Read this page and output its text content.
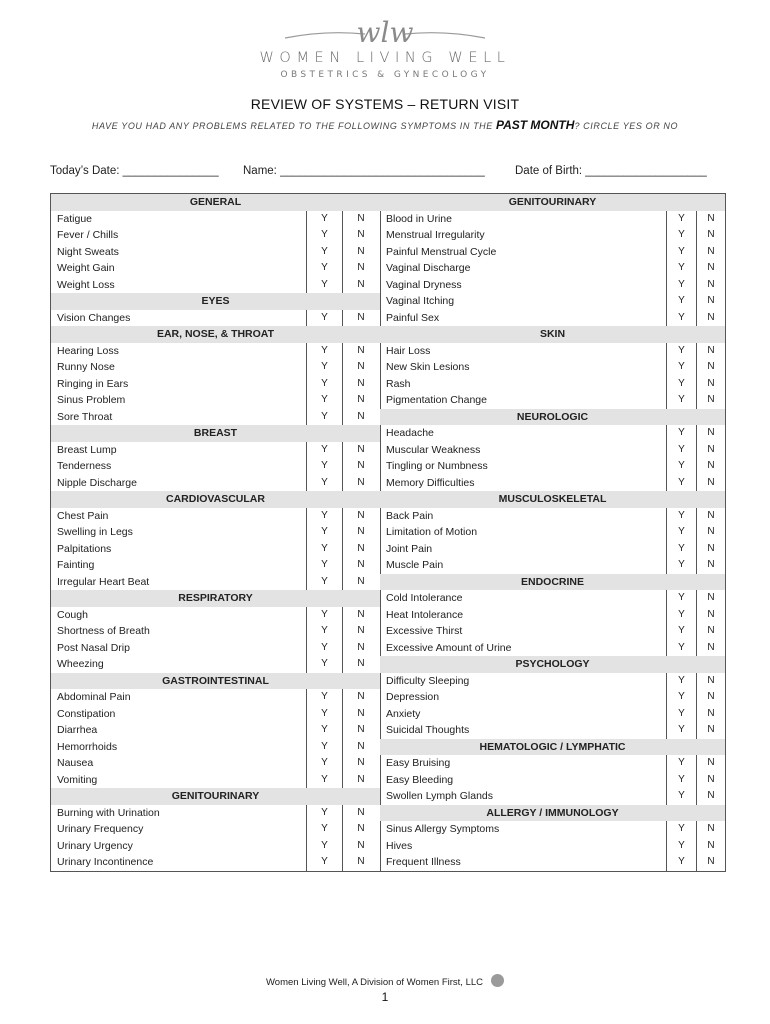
wlw
WOMEN LIVING WELL
OBSTETRICS & GYNECOLOGY
REVIEW OF SYSTEMS – RETURN VISIT
HAVE YOU HAD ANY PROBLEMS RELATED TO THE FOLLOWING SYMPTOMS IN THE PAST MONTH? CIRCLE YES OR NO
Today’s Date: _______________ Name: ________________________________	Date of Birth: ___________________
GENERAL
Fatigue	Y	N
Fever / Chills	Y	N
Night Sweats	Y	N
Weight Gain	Y	N
Weight Loss	Y	N
EYES
Vision Changes	Y	N
EAR, NOSE, & THROAT
Hearing Loss	Y	N
Runny Nose	Y	N
Ringing in Ears	Y	N
Sinus Problem	Y	N
Sore Throat	Y	N
BREAST
Breast Lump	Y	N
Tenderness	Y	N
Nipple Discharge	Y	N
CARDIOVASCULAR
Chest Pain	Y	N
Swelling in Legs	Y	N
Palpitations	Y	N
Fainting	Y	N
Irregular Heart Beat	Y	N
RESPIRATORY
Cough	Y	N
Shortness of Breath	Y	N
Post Nasal Drip	Y	N
Wheezing	Y	N
GASTROINTESTINAL
Abdominal Pain	Y	N
Constipation	Y	N
Diarrhea	Y	N
Hemorrhoids	Y	N
Nausea	Y	N
Vomiting	Y	N
GENITOURINARY
Burning with Urination	Y	N
Urinary Frequency	Y	N
Urinary Urgency	Y	N
Urinary Incontinence	Y	N
GENITOURINARY
Blood in Urine	Y	N
Menstrual Irregularity	Y	N
Painful Menstrual Cycle	Y	N
Vaginal Discharge	Y	N
Vaginal Dryness	Y	N
Vaginal Itching	Y	N
Painful Sex	Y	N
SKIN
Hair Loss	Y	N
New Skin Lesions	Y	N
Rash	Y	N
Pigmentation Change	Y	N
NEUROLOGIC
Headache	Y	N
Muscular Weakness	Y	N
Tingling or Numbness	Y	N
Memory Difficulties	Y	N
MUSCULOSKELETAL
Back Pain	Y	N
Limitation of Motion	Y	N
Joint Pain	Y	N
Muscle Pain	Y	N
ENDOCRINE
Cold Intolerance	Y	N
Heat Intolerance	Y	N
Excessive Thirst	Y	N
Excessive Amount of Urine	Y	N
PSYCHOLOGY
Difficulty Sleeping	Y	N
Depression	Y	N
Anxiety	Y	N
Suicidal Thoughts	Y	N
HEMATOLOGIC / LYMPHATIC
Easy Bruising	Y	N
Easy Bleeding	Y	N
Swollen Lymph Glands	Y	N
ALLERGY / IMMUNOLOGY
Sinus Allergy Symptoms	Y	N
Hives	Y	N
Frequent Illness	Y	N
Women Living Well, A Division of Women First, LLC
1
